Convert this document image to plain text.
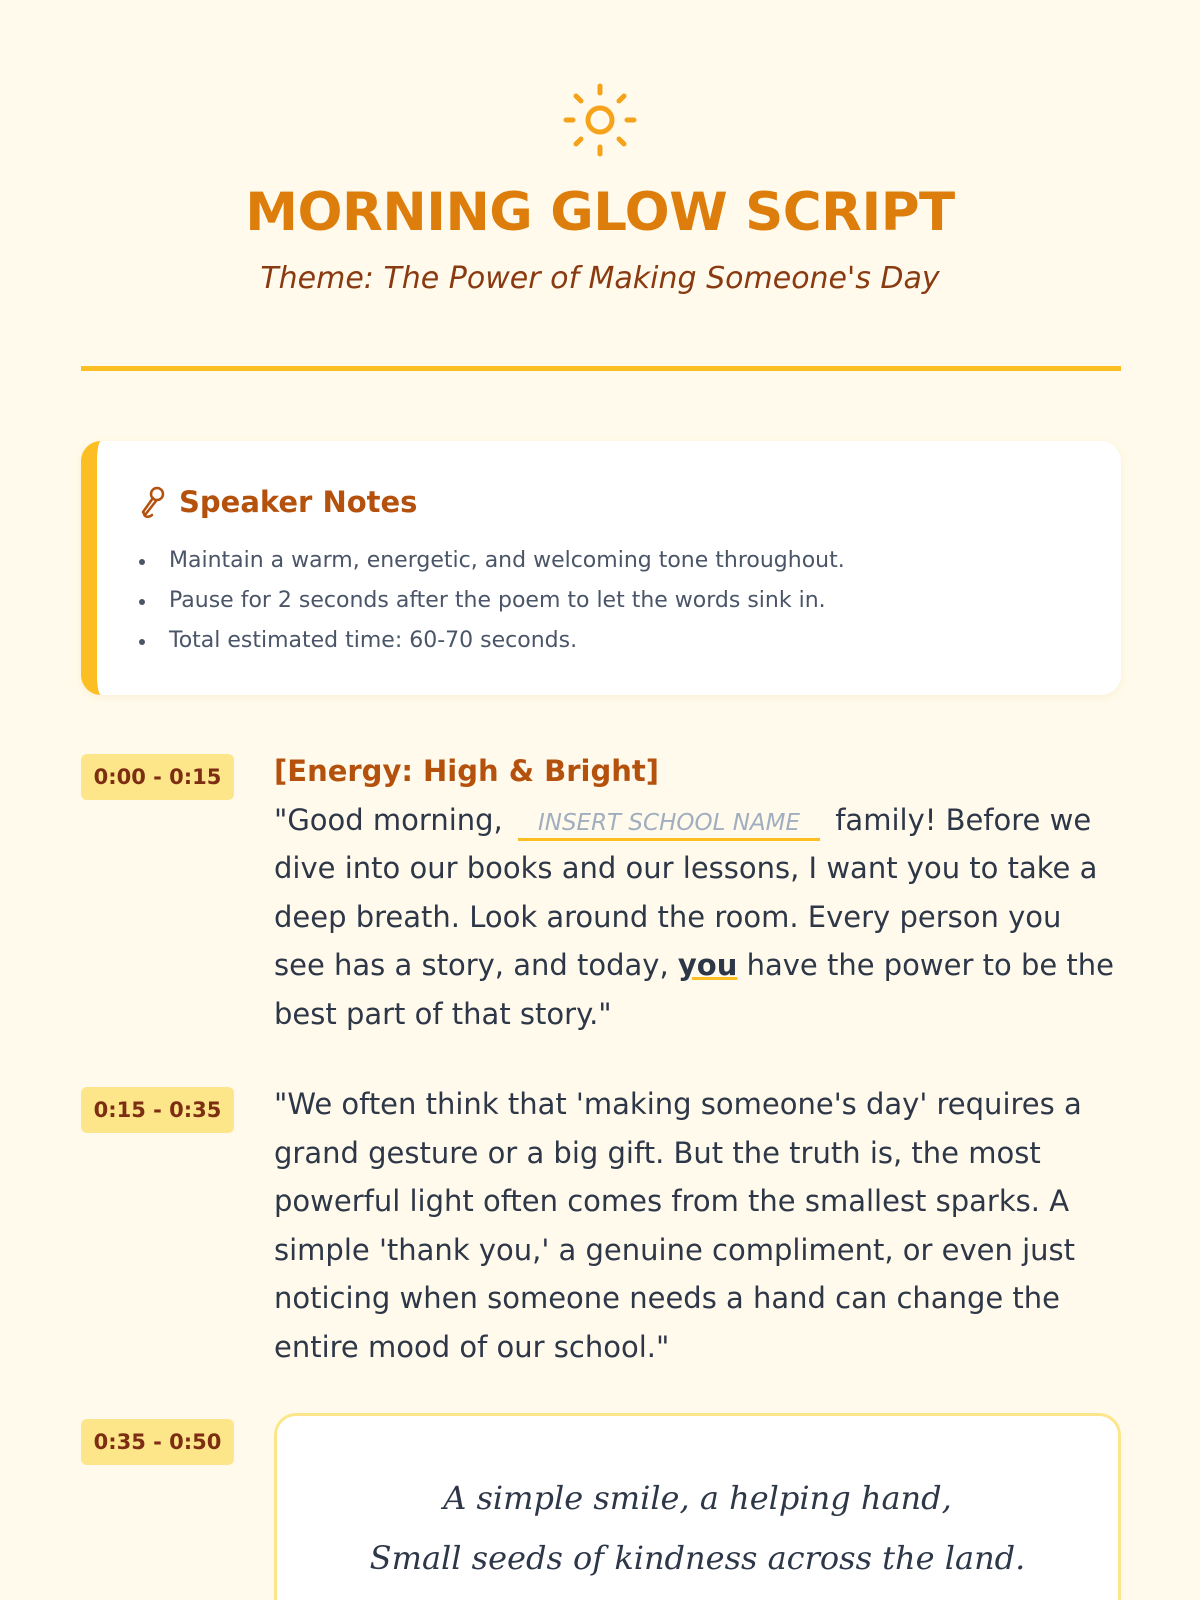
MORNING GLOW SCRIPT

Theme: The Power of Making Someone's Day

Speaker Notes
Maintain a warm, energetic, and welcoming tone throughout.
Pause for 2 seconds after the poem to let the words sink in.
Total estimated time: 60-70 seconds.
0:00 - 0:15	[Energy: High & Bright]
"Good morning, INSERT SCHOOL NAME family! Before we dive into our books and our lessons, I want you to take a deep breath. Look around the room. Every person you see has a story, and today, you have the power to be the best part of that story."
0:15 - 0:35	"We often think that 'making someone's day' requires a grand gesture or a big gift. But the truth is, the most powerful light often comes from the smallest sparks. A simple 'thank you,' a genuine compliment, or even just noticing when someone needs a hand can change the entire mood of our school."
0:35 - 0:50
A simple smile, a helping hand,
Small seeds of kindness across the land.
